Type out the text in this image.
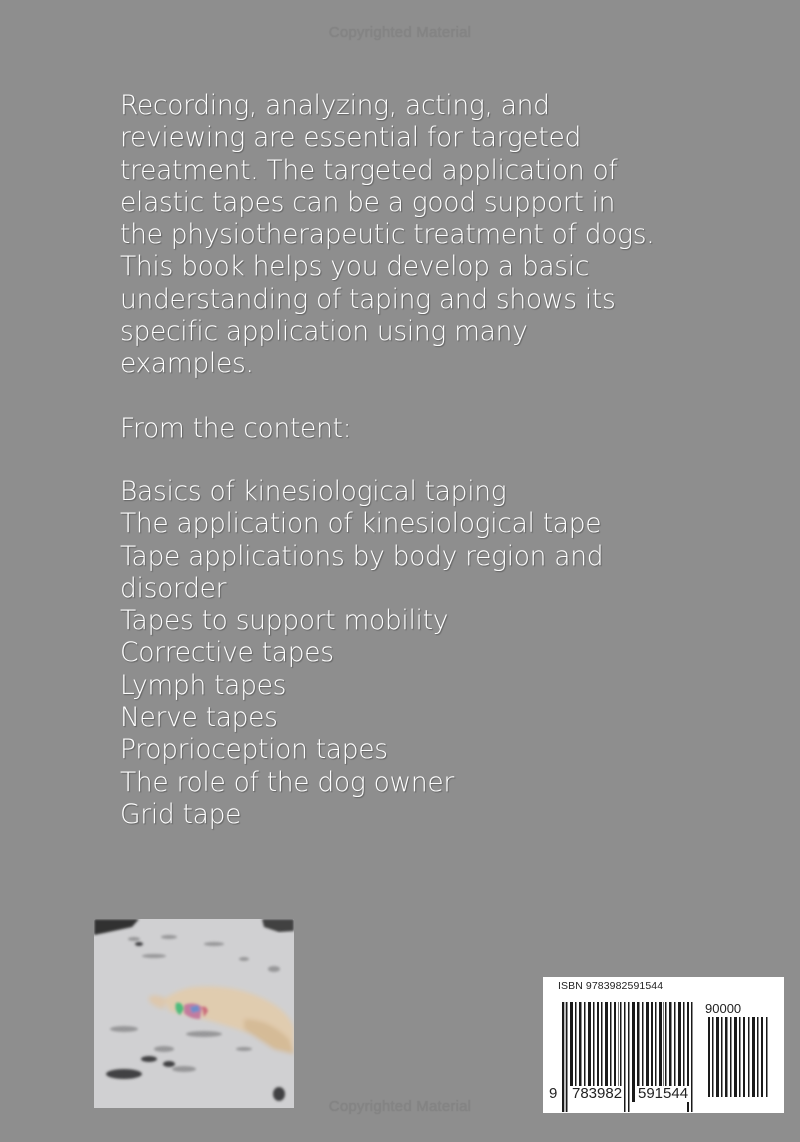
Copyrighted Material

Recording, analyzing, acting, and

reviewing are essential for targeted

treatment. The targeted application of

elastic tapes can be a good support in

the physiotherapeutic treatment of dogs.

This book helps you develop a basic

understanding of taping and shows its

specific application using many

examples.

From the content:
Basics of kinesiological taping
The application of kinesiological tape
Tape applications by body region and disorder
Tapes to support mobility
Corrective tapes
Lymph tapes
Nerve tapes
Proprioception tapes
The role of the dog owner
Grid tape
ISBN 9783982591544
90000
9 783982 591544
Copyrighted Material
